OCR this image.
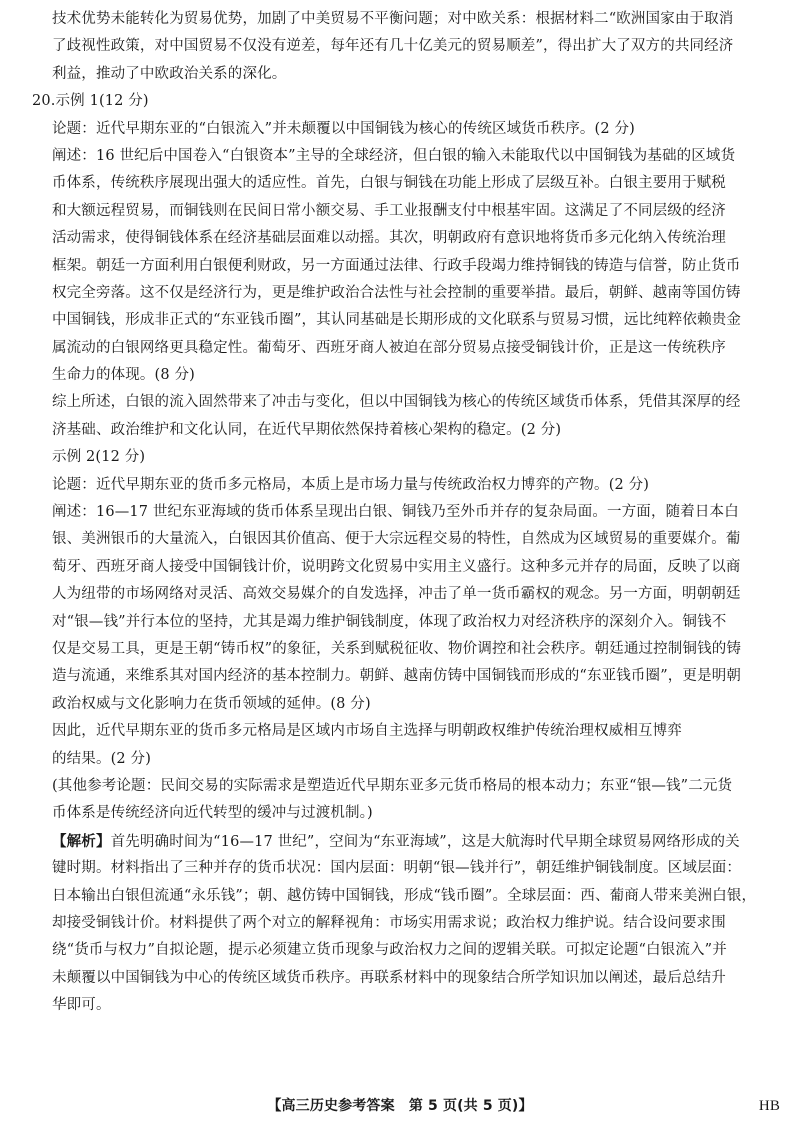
技术优势未能转化为贸易优势，加剧了中美贸易不平衡问题；对中欧关系：根据材料二“欧洲国家由于取消
了歧视性政策，对中国贸易不仅没有逆差，每年还有几十亿美元的贸易顺差”，得出扩大了双方的共同经济
利益，推动了中欧政治关系的深化。
20.示例 1(12 分)
论题：近代早期东亚的“白银流入”并未颠覆以中国铜钱为核心的传统区域货币秩序。(2 分)
阐述：16 世纪后中国卷入“白银资本”主导的全球经济，但白银的输入未能取代以中国铜钱为基础的区域货
币体系，传统秩序展现出强大的适应性。首先，白银与铜钱在功能上形成了层级互补。白银主要用于赋税
和大额远程贸易，而铜钱则在民间日常小额交易、手工业报酬支付中根基牢固。这满足了不同层级的经济
活动需求，使得铜钱体系在经济基础层面难以动摇。其次，明朝政府有意识地将货币多元化纳入传统治理
框架。朝廷一方面利用白银便利财政，另一方面通过法律、行政手段竭力维持铜钱的铸造与信誉，防止货币
权完全旁落。这不仅是经济行为，更是维护政治合法性与社会控制的重要举措。最后，朝鲜、越南等国仿铸
中国铜钱，形成非正式的“东亚钱币圈”，其认同基础是长期形成的文化联系与贸易习惯，远比纯粹依赖贵金
属流动的白银网络更具稳定性。葡萄牙、西班牙商人被迫在部分贸易点接受铜钱计价，正是这一传统秩序
生命力的体现。(8 分)
综上所述，白银的流入固然带来了冲击与变化，但以中国铜钱为核心的传统区域货币体系，凭借其深厚的经
济基础、政治维护和文化认同，在近代早期依然保持着核心架构的稳定。(2 分)
示例 2(12 分)
论题：近代早期东亚的货币多元格局，本质上是市场力量与传统政治权力博弈的产物。(2 分)
阐述：16—17 世纪东亚海域的货币体系呈现出白银、铜钱乃至外币并存的复杂局面。一方面，随着日本白
银、美洲银币的大量流入，白银因其价值高、便于大宗远程交易的特性，自然成为区域贸易的重要媒介。葡
萄牙、西班牙商人接受中国铜钱计价，说明跨文化贸易中实用主义盛行。这种多元并存的局面，反映了以商
人为纽带的市场网络对灵活、高效交易媒介的自发选择，冲击了单一货币霸权的观念。另一方面，明朝朝廷
对“银—钱”并行本位的坚持，尤其是竭力维护铜钱制度，体现了政治权力对经济秩序的深刻介入。铜钱不
仅是交易工具，更是王朝“铸币权”的象征，关系到赋税征收、物价调控和社会秩序。朝廷通过控制铜钱的铸
造与流通，来维系其对国内经济的基本控制力。朝鲜、越南仿铸中国铜钱而形成的“东亚钱币圈”，更是明朝
政治权威与文化影响力在货币领域的延伸。(8 分)
因此，近代早期东亚的货币多元格局是区域内市场自主选择与明朝政权维护传统治理权威相互博弈
的结果。(2 分)
(其他参考论题：民间交易的实际需求是塑造近代早期东亚多元货币格局的根本动力；东亚“银—钱”二元货
币体系是传统经济向近代转型的缓冲与过渡机制。)
【解析】首先明确时间为“16—17 世纪”，空间为“东亚海域”，这是大航海时代早期全球贸易网络形成的关
键时期。材料指出了三种并存的货币状况：国内层面：明朝“银—钱并行”，朝廷维护铜钱制度。区域层面：
日本输出白银但流通“永乐钱”；朝、越仿铸中国铜钱，形成“钱币圈”。全球层面：西、葡商人带来美洲白银，
却接受铜钱计价。材料提供了两个对立的解释视角：市场实用需求说；政治权力维护说。结合设问要求围
绕“货币与权力”自拟论题，提示必须建立货币现象与政治权力之间的逻辑关联。可拟定论题“白银流入”并
未颠覆以中国铜钱为中心的传统区域货币秩序。再联系材料中的现象结合所学知识加以阐述，最后总结升
华即可。
【高三历史参考答案　第 5 页(共 5 页)】	HB
